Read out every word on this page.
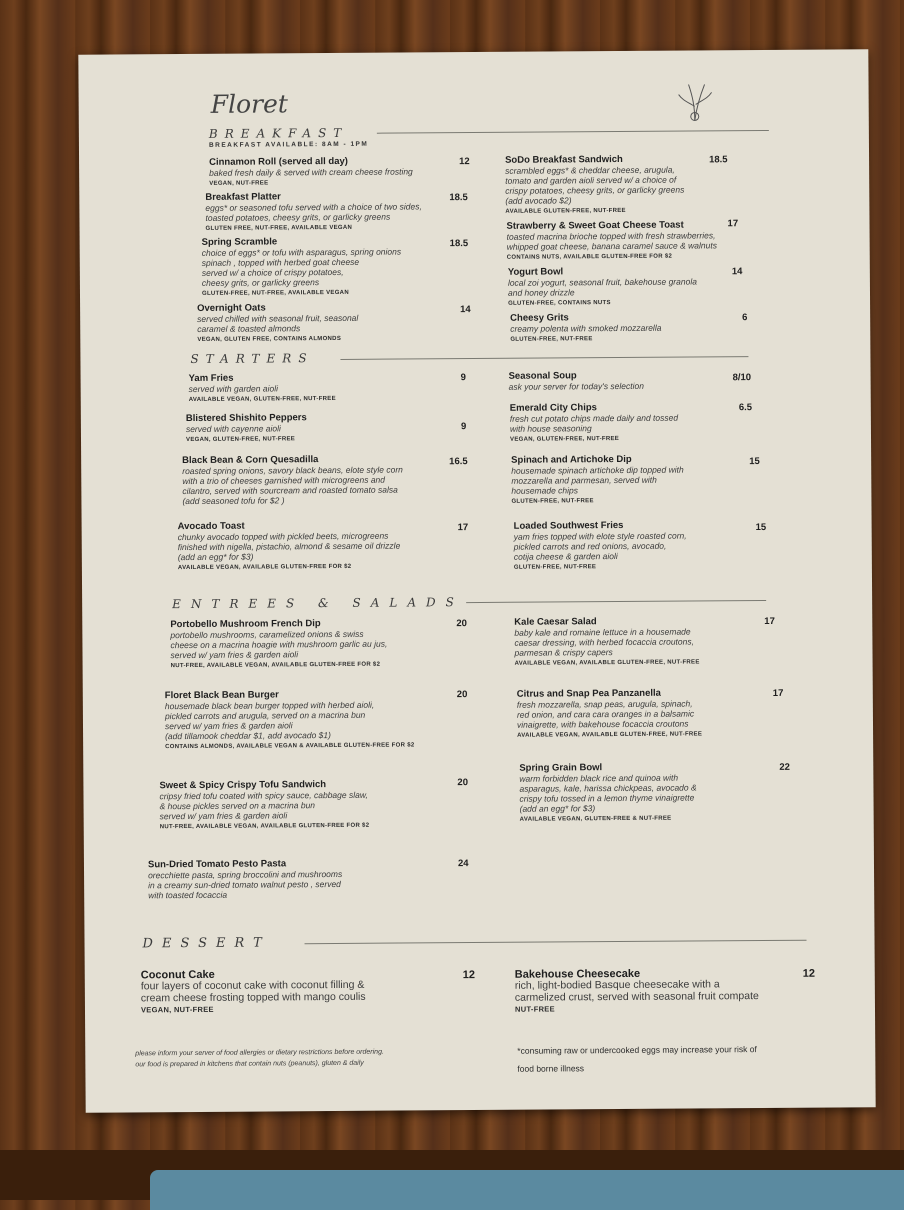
Floret
BREAKFAST
BREAKFAST AVAILABLE: 8AM - 1PM
Cinnamon Roll (served all day)
baked fresh daily & served with cream cheese frosting
VEGAN, NUT-FREE
12
Breakfast Platter
eggs* or seasoned tofu served with a choice of two sides,
toasted potatoes, cheesy grits, or garlicky greens
GLUTEN FREE, NUT-FREE, AVAILABLE VEGAN
18.5
Spring Scramble
choice of eggs* or tofu with asparagus, spring onions
spinach , topped with herbed goat cheese
served w/ a choice of crispy potatoes,
cheesy grits, or garlicky greens
GLUTEN-FREE, NUT-FREE, AVAILABLE VEGAN
18.5
Overnight Oats
served chilled with seasonal fruit, seasonal
caramel & toasted almonds
VEGAN, GLUTEN FREE, CONTAINS ALMONDS
14
SoDo Breakfast Sandwich
scrambled eggs* & cheddar cheese, arugula,
tomato and garden aioli served w/ a choice of
crispy potatoes, cheesy grits, or garlicky greens
(add avocado $2)
AVAILABLE GLUTEN-FREE, NUT-FREE
18.5
Strawberry & Sweet Goat Cheese Toast
toasted macrina brioche topped with fresh strawberries,
whipped goat cheese, banana caramel sauce & walnuts
CONTAINS NUTS, AVAILABLE GLUTEN-FREE FOR $2
17
Yogurt Bowl
local zoi yogurt, seasonal fruit, bakehouse granola
and honey drizzle
GLUTEN-FREE, CONTAINS NUTS
14
Cheesy Grits
creamy polenta with smoked mozzarella
GLUTEN-FREE, NUT-FREE
6
STARTERS
Yam Fries
served with garden aioli
AVAILABLE VEGAN, GLUTEN-FREE, NUT-FREE
9
Blistered Shishito Peppers
served with cayenne aioli
VEGAN, GLUTEN-FREE, NUT-FREE
9
Black Bean & Corn Quesadilla
roasted spring onions, savory black beans, elote style corn
with a trio of cheeses garnished with microgreens and
cilantro, served with sourcream and roasted tomato salsa
(add seasoned tofu for $2 )
16.5
Avocado Toast
chunky avocado topped with pickled beets, microgreens
finished with nigella, pistachio, almond & sesame oil drizzle
(add an egg* for $3)
AVAILABLE VEGAN, AVAILABLE GLUTEN-FREE FOR $2
17
Seasonal Soup
ask your server for today's selection
8/10
Emerald City Chips
fresh cut potato chips made daily and tossed
with house seasoning
VEGAN, GLUTEN-FREE, NUT-FREE
6.5
Spinach and Artichoke Dip
housemade spinach artichoke dip topped with
mozzarella and parmesan, served with
housemade chips
GLUTEN-FREE, NUT-FREE
15
Loaded Southwest Fries
yam fries topped with elote style roasted corn,
pickled carrots and red onions, avocado,
cotija cheese & garden aioli
GLUTEN-FREE, NUT-FREE
15
ENTREES & SALADS
Portobello Mushroom French Dip
portobello mushrooms, caramelized onions & swiss
cheese on a macrina hoagie with mushroom garlic au jus,
served w/ yam fries & garden aioli
NUT-FREE, AVAILABLE VEGAN, AVAILABLE GLUTEN-FREE FOR $2
20
Floret Black Bean Burger
housemade black bean burger topped with herbed aioli,
pickled carrots and arugula, served on a macrina bun
served w/ yam fries & garden aioli
(add tillamook cheddar $1, add avocado $1)
CONTAINS ALMONDS, AVAILABLE VEGAN & AVAILABLE GLUTEN-FREE FOR $2
20
Sweet & Spicy Crispy Tofu Sandwich
cripsy fried tofu coated with spicy sauce, cabbage slaw,
& house pickles served on a macrina bun
served w/ yam fries & garden aioli
NUT-FREE, AVAILABLE VEGAN, AVAILABLE GLUTEN-FREE FOR $2
20
Sun-Dried Tomato Pesto Pasta
orecchiette pasta, spring broccolini and mushrooms
in a creamy sun-dried tomato walnut pesto , served
with toasted focaccia
24
Kale Caesar Salad
baby kale and romaine lettuce in a housemade
caesar dressing, with herbed focaccia croutons,
parmesan & crispy capers
AVAILABLE VEGAN, AVAILABLE GLUTEN-FREE, NUT-FREE
17
Citrus and Snap Pea Panzanella
fresh mozzarella, snap peas, arugula, spinach,
red onion, and cara cara oranges in a balsamic
vinaigrette, with bakehouse focaccia croutons
AVAILABLE VEGAN, AVAILABLE GLUTEN-FREE, NUT-FREE
17
Spring Grain Bowl
warm forbidden black rice and quinoa with
asparagus, kale, harissa chickpeas, avocado &
crispy tofu tossed in a lemon thyme vinaigrette
(add an egg* for $3)
AVAILABLE VEGAN, GLUTEN-FREE & NUT-FREE
22
DESSERT
Coconut Cake
four layers of coconut cake with coconut filling &
cream cheese frosting topped with mango coulis
VEGAN, NUT-FREE
12	Bakehouse Cheesecake
rich, light-bodied Basque cheesecake with a
carmelized crust, served with seasonal fruit compate
NUT-FREE
12
please inform your server of food allergies or dietary restrictions before ordering.
our food is prepared in kitchens that contain nuts (peanuts), gluten & daily
*consuming raw or undercooked eggs may increase your risk of
food borne illness
